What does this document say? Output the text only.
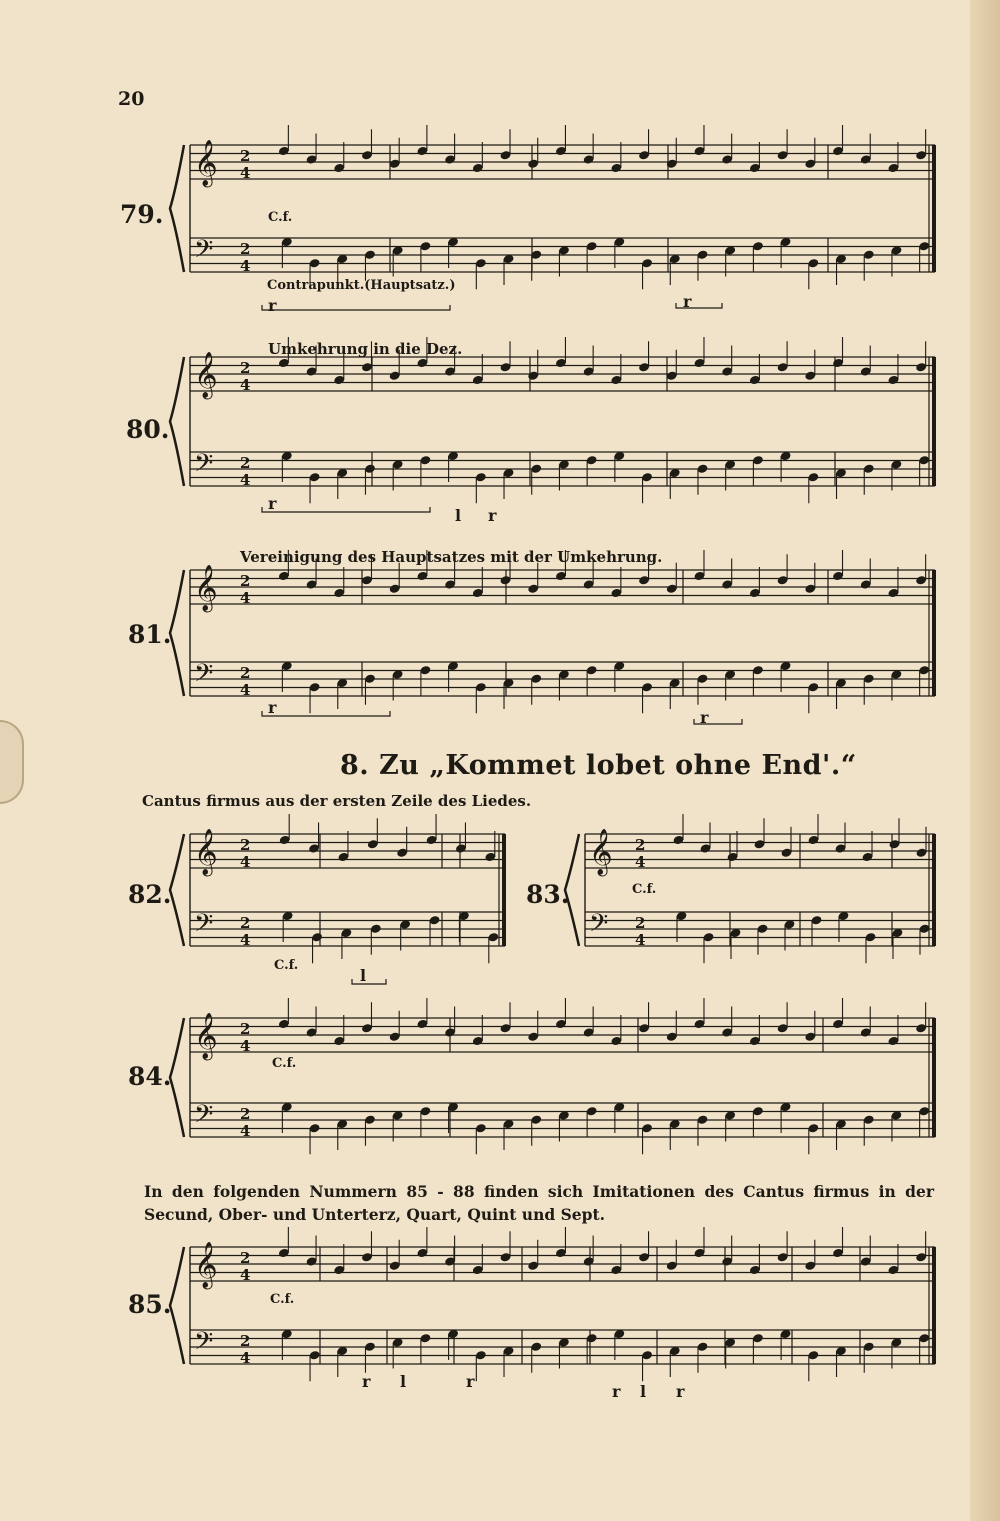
20
𝄞
𝄢
2
4
2
4
𝄞
𝄢
2
4
2
4
𝄞
𝄢
2
4
2
4
𝄞
𝄢
2
4
2
4
𝄞
𝄢
2
4
2
4
𝄞
𝄢
2
4
2
4
𝄞
𝄢
2
4
2
4
79.
80.
81.
82.	83.
84.
85.
Contrapunkt.(Hauptsatz.)
Umkehrung in die Dez.
Vereinigung des Hauptsatzes mit der Umkehrung.
8. Zu „Kommet lobet ohne End'.“
Cantus firmus aus der ersten Zeile des Liedes.
In den folgenden Nummern 85 - 88 finden sich Imitationen des Cantus firmus in der Secund, Ober- und Unterterz, Quart, Quint und Sept.
C.f.
C.f.
C.f.
C.f.
C.f.
r	r
r
l r
r
r
l
r l	r
r l r
